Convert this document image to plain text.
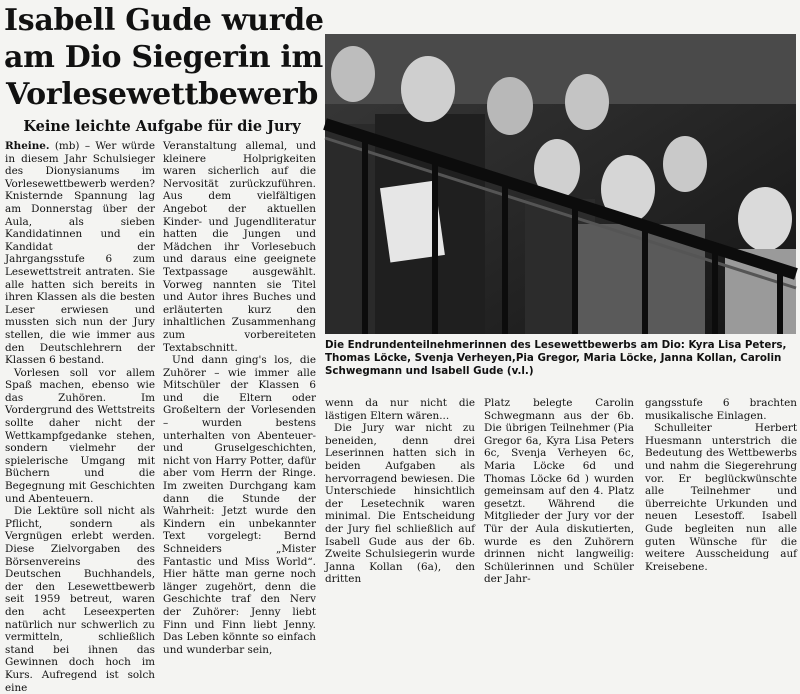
Isabell Gude wurde
am Dio Siegerin im
Vorlesewettbewerb
Keine leichte Aufgabe für die Jury

Rheine. (mb) – Wer würde in diesem Jahr Schulsieger des Dionysianums im Vorlesewettbewerb werden? Knisternde Spannung lag am Donnerstag über der Aula, als sieben Kandidatinnen und ein Kandidat der Jahrgangsstufe 6 zum Lesewettstreit antraten. Sie alle hatten sich bereits in ihren Klassen als die besten Leser erwiesen und mussten sich nun der Jury stellen, die wie immer aus den Deutschlehrern der Klassen 6 bestand.

Vorlesen soll vor allem Spaß machen, ebenso wie das Zuhören. Im Vordergrund des Wettstreits sollte daher nicht der Wettkampfgedanke stehen, sondern vielmehr der spielerische Umgang mit Büchern und die Begegnung mit Geschichten und Abenteuern.

Die Lektüre soll nicht als Pflicht, sondern als Vergnügen erlebt werden. Diese Zielvorgaben des Börsenvereins des Deutschen Buchhandels, der den Lesewettbewerb seit 1959 betreut, waren den acht Leseexperten natürlich nur schwerlich zu vermitteln, schließlich stand bei ihnen das Gewinnen doch hoch im Kurs. Aufregend ist solch eine

Veranstaltung allemal, und kleinere Holprigkeiten waren sicherlich auf die Nervosität zurückzuführen. Aus dem vielfältigen Angebot der aktuellen Kinder- und Jugendliteratur hatten die Jungen und Mädchen ihr Vorlesebuch und daraus eine geeignete Textpassage ausgewählt. Vorweg nannten sie Titel und Autor ihres Buches und erläuterten kurz den inhaltlichen Zusammenhang zum vorbereiteten Textabschnitt.

Und dann ging's los, die Zuhörer – wie immer alle Mitschüler der Klassen 6 und die Eltern oder Großeltern der Vorlesenden – wurden bestens unterhalten von Abenteuer- und Gruselgeschichten, nicht von Harry Potter, dafür aber vom Herrn der Ringe. Im zweiten Durchgang kam dann die Stunde der Wahrheit: Jetzt wurde den Kindern ein unbekannter Text vorgelegt: Bernd Schneiders „Mister Fantastic und Miss World“. Hier hätte man gerne noch länger zugehört, denn die Geschichte traf den Nerv der Zuhörer: Jenny liebt Finn und Finn liebt Jenny. Das Leben könnte so einfach und wunderbar sein,

Die Endrundenteilnehmerinnen des Lesewettbewerbs am Dio: Kyra Lisa Peters, Thomas Löcke, Svenja Verheyen,Pia Gregor, Maria Löcke, Janna Kollan, Carolin Schwegmann und Isabell Gude (v.l.)

wenn da nur nicht die lästigen Eltern wären...

Die Jury war nicht zu beneiden, denn drei Leserinnen hatten sich in beiden Aufgaben als hervorragend bewiesen. Die Unterschiede hinsichtlich der Lesetechnik waren minimal. Die Entscheidung der Jury fiel schließlich auf Isabell Gude aus der 6b. Zweite Schulsiegerin wurde Janna Kollan (6a), den dritten

Platz belegte Carolin Schwegmann aus der 6b. Die übrigen Teilnehmer (Pia Gregor 6a, Kyra Lisa Peters 6c, Svenja Verheyen 6c, Maria Löcke 6d und Thomas Löcke 6d ) wurden gemeinsam auf den 4. Platz gesetzt. Während die Mitglieder der Jury vor der Tür der Aula diskutierten, wurde es den Zuhörern drinnen nicht langweilig: Schülerinnen und Schüler der Jahr-

gangsstufe 6 brachten musikalische Einlagen.

Schulleiter Herbert Huesmann unterstrich die Bedeutung des Wettbewerbs und nahm die Siegerehrung vor. Er beglückwünschte alle Teilnehmer und überreichte Urkunden und neuen Lesestoff. Isabell Gude begleiten nun alle guten Wünsche für die weitere Ausscheidung auf Kreisebene.
